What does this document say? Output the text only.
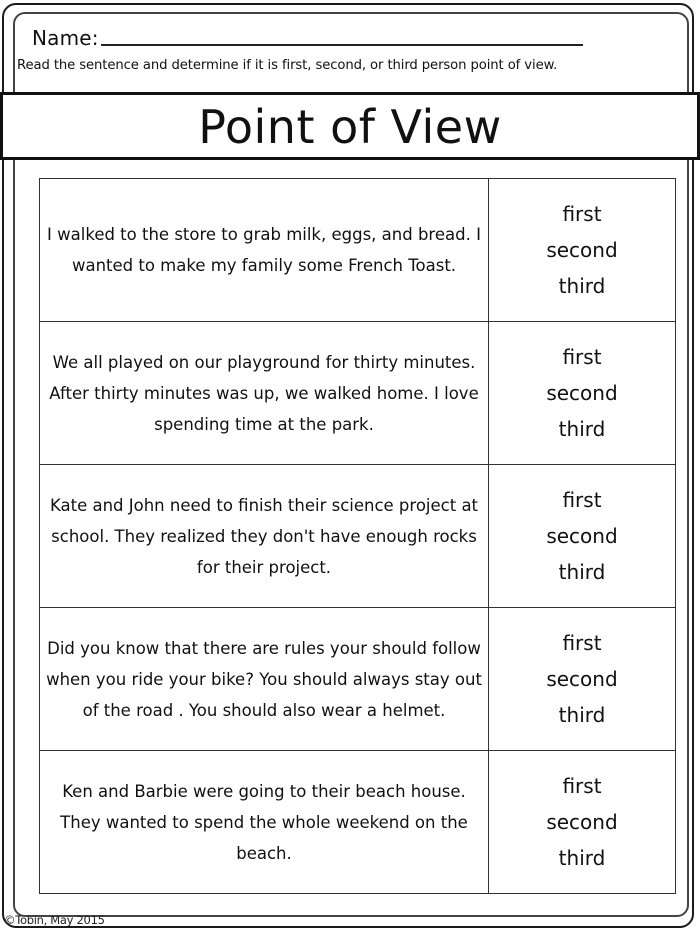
Name:
Read the sentence and determine if it is first, second, or third person point of view.
Point of View
I walked to the store to grab milk, eggs, and bread. I wanted to make my family some French Toast.	first
second
third

We all played on our playground for thirty minutes. After thirty minutes was up, we walked home. I love spending time at the park.	first
second
third

Kate and John need to finish their science project at school. They realized they don't have enough rocks for their project.	first
second
third

Did you know that there are rules your should follow when you ride your bike? You should always stay out of the road . You should also wear a helmet.	first
second
third

Ken and Barbie were going to their beach house. They wanted to spend the whole weekend on the beach.	first
second
third
©Tobin, May 2015
